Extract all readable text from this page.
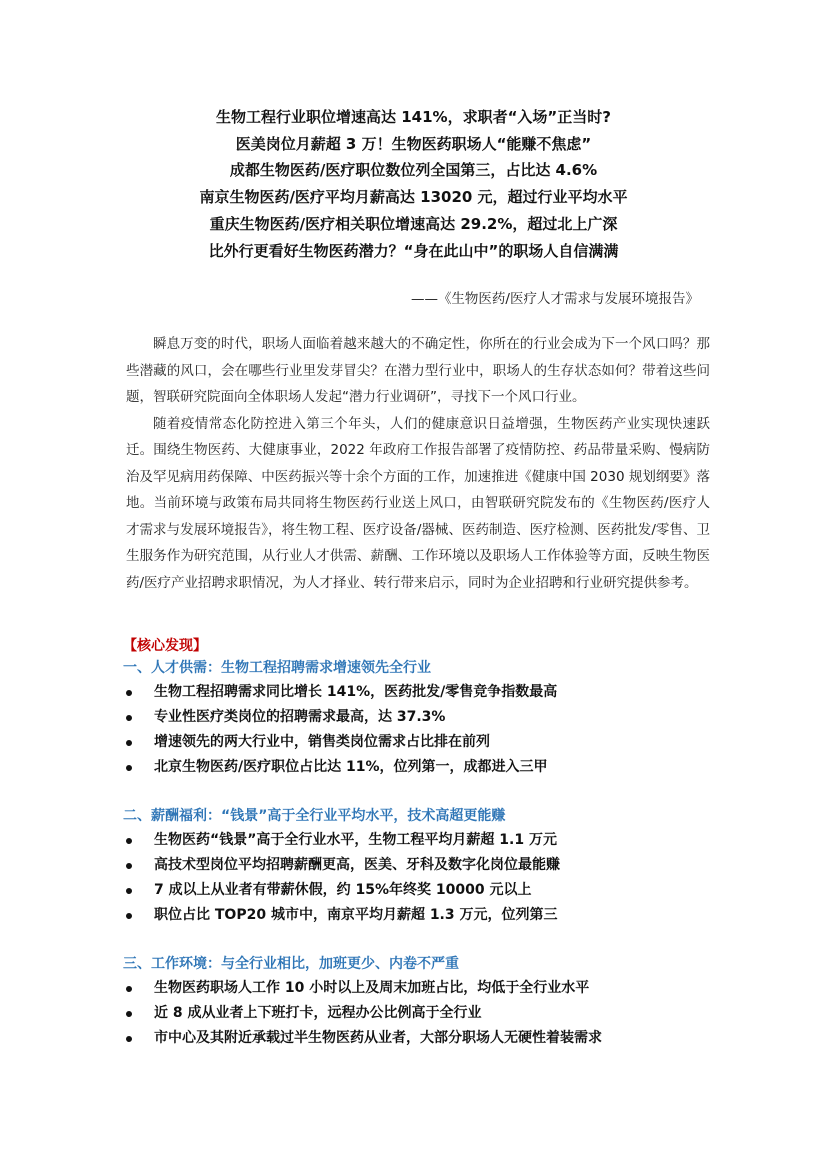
生物工程行业职位增速高达 141%，求职者“入场”正当时?
医美岗位月薪超 3 万！生物医药职场人“能赚不焦虑”
成都生物医药/医疗职位数位列全国第三，占比达 4.6%
南京生物医药/医疗平均月薪高达 13020 元，超过行业平均水平
重庆生物医药/医疗相关职位增速高达 29.2%，超过北上广深
比外行更看好生物医药潜力？“身在此山中”的职场人自信满满
——《生物医药/医疗人才需求与发展环境报告》

瞬息万变的时代，职场人面临着越来越大的不确定性，你所在的行业会成为下一个风口吗？那些潜藏的风口，会在哪些行业里发芽冒尖？在潜力型行业中，职场人的生存状态如何？带着这些问题，智联研究院面向全体职场人发起“潜力行业调研”，寻找下一个风口行业。

随着疫情常态化防控进入第三个年头，人们的健康意识日益增强，生物医药产业实现快速跃迁。围绕生物医药、大健康事业，2022 年政府工作报告部署了疫情防控、药品带量采购、慢病防治及罕见病用药保障、中医药振兴等十余个方面的工作，加速推进《健康中国 2030 规划纲要》落地。当前环境与政策布局共同将生物医药行业送上风口，由智联研究院发布的《生物医药/医疗人才需求与发展环境报告》，将生物工程、医疗设备/器械、医药制造、医疗检测、医药批发/零售、卫生服务作为研究范围，从行业人才供需、薪酬、工作环境以及职场人工作体验等方面，反映生物医药/医疗产业招聘求职情况，为人才择业、转行带来启示，同时为企业招聘和行业研究提供参考。

【核心发现】
一、人才供需：生物工程招聘需求增速领先全行业
生物工程招聘需求同比增长 141%，医药批发/零售竞争指数最高
专业性医疗类岗位的招聘需求最高，达 37.3%
增速领先的两大行业中，销售类岗位需求占比排在前列
北京生物医药/医疗职位占比达 11%，位列第一，成都进入三甲
二、薪酬福利：“钱景”高于全行业平均水平，技术高超更能赚
生物医药“钱景”高于全行业水平，生物工程平均月薪超 1.1 万元
高技术型岗位平均招聘薪酬更高，医美、牙科及数字化岗位最能赚
7 成以上从业者有带薪休假，约 15%年终奖 10000 元以上
职位占比 TOP20 城市中，南京平均月薪超 1.3 万元，位列第三
三、工作环境：与全行业相比，加班更少、内卷不严重
生物医药职场人工作 10 小时以上及周末加班占比，均低于全行业水平
近 8 成从业者上下班打卡，远程办公比例高于全行业
市中心及其附近承载过半生物医药从业者，大部分职场人无硬性着装需求
